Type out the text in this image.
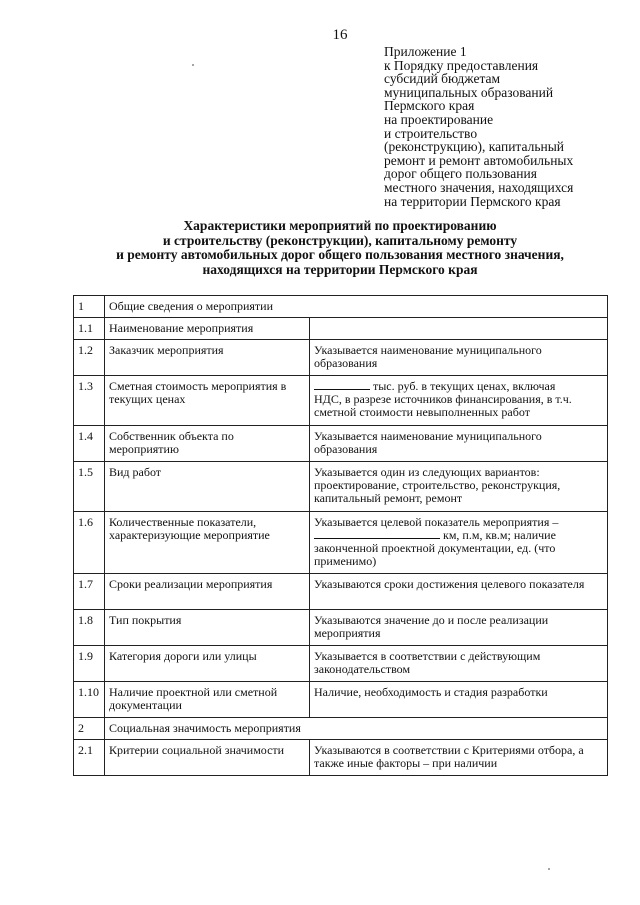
16
Приложение 1
к Порядку предоставления
субсидий бюджетам
муниципальных образований
Пермского края
на проектирование
и строительство
(реконструкцию), капитальный
ремонт и ремонт автомобильных
дорог общего пользования
местного значения, находящихся
на территории Пермского края
Характеристики мероприятий по проектированию
и строительству (реконструкции), капитальному ремонту
и ремонту автомобильных дорог общего пользования местного значения,
находящихся на территории Пермского края
1	Общие сведения о мероприятии	
1.1	Наименование мероприятия	
1.2	Заказчик мероприятия	Указывается наименование муниципального образования
1.3	Сметная стоимость мероприятия в текущих ценах	тыс. руб. в текущих ценах, включая
НДС, в разрезе источников финансирования, в т.ч. сметной стоимости невыполненных работ
1.4	Собственник объекта по мероприятию	Указывается наименование муниципального образования
1.5	Вид работ	Указывается один из следующих вариантов: проектирование, строительство, реконструкция, капитальный ремонт, ремонт
1.6	Количественные показатели, характеризующие мероприятие	Указывается целевой показатель мероприятия –
км, п.м, кв.м; наличие
законченной проектной документации, ед. (что применимо)
1.7	Сроки реализации мероприятия	Указываются сроки достижения целевого показателя
1.8	Тип покрытия	Указываются значение до и после реализации мероприятия
1.9	Категория дороги или улицы	Указывается в соответствии с действующим законодательством
1.10	Наличие проектной или сметной документации	Наличие, необходимость и стадия разработки
2	Социальная значимость мероприятия	
2.1	Критерии социальной значимости	Указываются в соответствии с Критериями отбора, а также иные факторы – при наличии
